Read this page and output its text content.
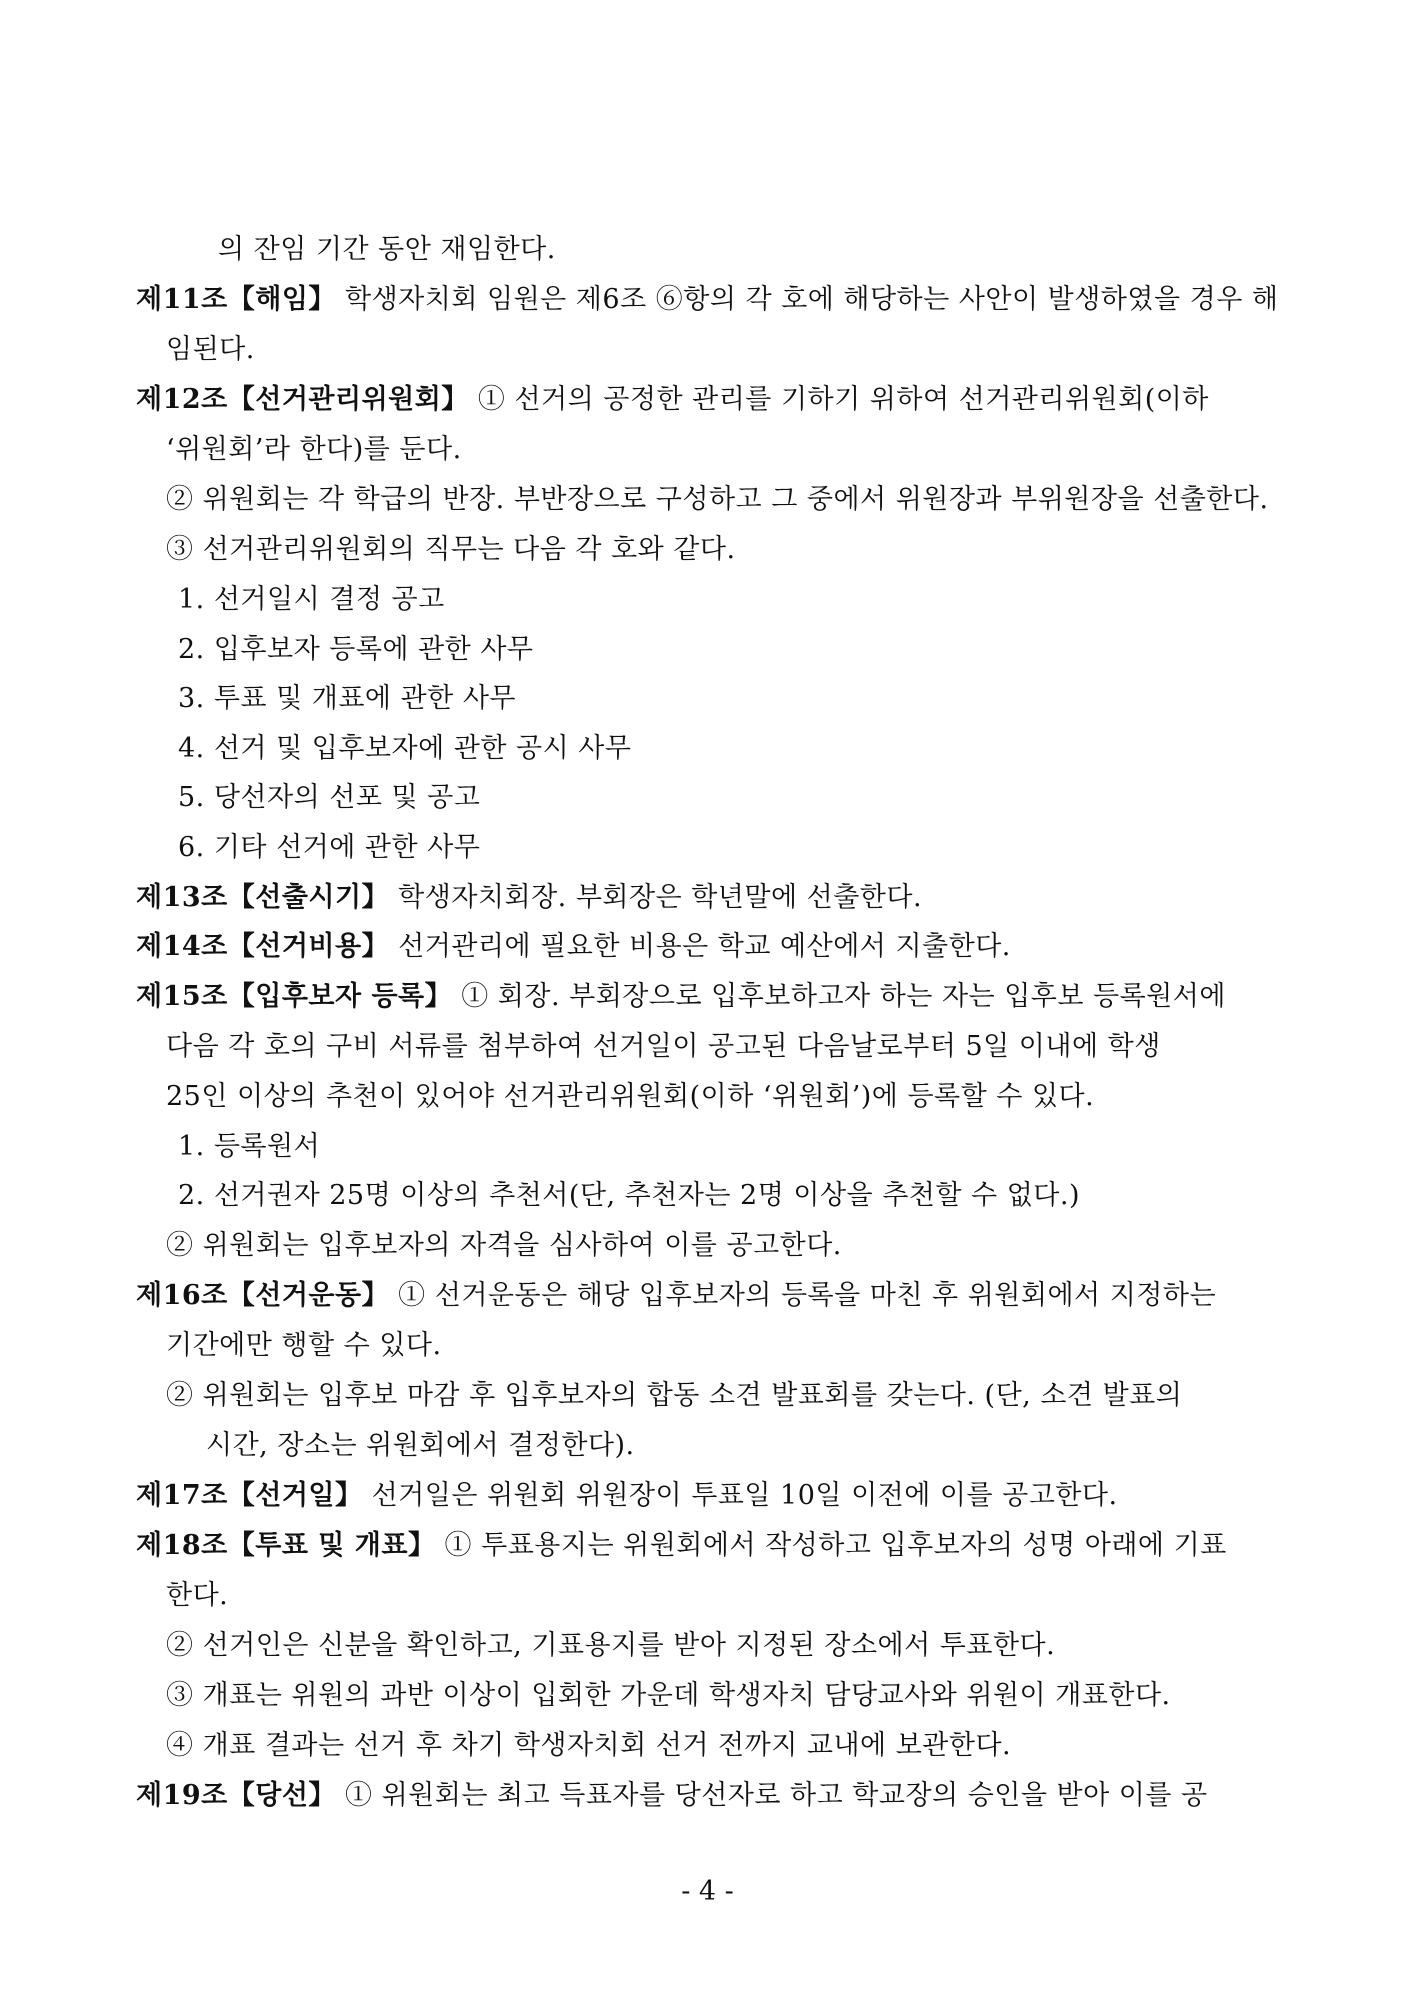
의 잔임 기간 동안 재임한다.
제11조【해임】 학생자치회 임원은 제6조 ⑥항의 각 호에 해당하는 사안이 발생하였을 경우 해
임된다.
제12조【선거관리위원회】 ① 선거의 공정한 관리를 기하기 위하여 선거관리위원회(이하
‘위원회’라 한다)를 둔다.
② 위원회는 각 학급의 반장. 부반장으로 구성하고 그 중에서 위원장과 부위원장을 선출한다.
③ 선거관리위원회의 직무는 다음 각 호와 같다.
1. 선거일시 결정 공고
2. 입후보자 등록에 관한 사무
3. 투표 및 개표에 관한 사무
4. 선거 및 입후보자에 관한 공시 사무
5. 당선자의 선포 및 공고
6. 기타 선거에 관한 사무
제13조【선출시기】 학생자치회장. 부회장은 학년말에 선출한다.
제14조【선거비용】 선거관리에 필요한 비용은 학교 예산에서 지출한다.
제15조【입후보자 등록】 ① 회장. 부회장으로 입후보하고자 하는 자는 입후보 등록원서에
다음 각 호의 구비 서류를 첨부하여 선거일이 공고된 다음날로부터 5일 이내에 학생
25인 이상의 추천이 있어야 선거관리위원회(이하 ‘위원회’)에 등록할 수 있다.
1. 등록원서
2. 선거권자 25명 이상의 추천서(단, 추천자는 2명 이상을 추천할 수 없다.)
② 위원회는 입후보자의 자격을 심사하여 이를 공고한다.
제16조【선거운동】 ① 선거운동은 해당 입후보자의 등록을 마친 후 위원회에서 지정하는
기간에만 행할 수 있다.
② 위원회는 입후보 마감 후 입후보자의 합동 소견 발표회를 갖는다. (단, 소견 발표의
시간, 장소는 위원회에서 결정한다).
제17조【선거일】 선거일은 위원회 위원장이 투표일 10일 이전에 이를 공고한다.
제18조【투표 및 개표】 ① 투표용지는 위원회에서 작성하고 입후보자의 성명 아래에 기표
한다.
② 선거인은 신분을 확인하고, 기표용지를 받아 지정된 장소에서 투표한다.
③ 개표는 위원의 과반 이상이 입회한 가운데 학생자치 담당교사와 위원이 개표한다.
④ 개표 결과는 선거 후 차기 학생자치회 선거 전까지 교내에 보관한다.
제19조【당선】 ① 위원회는 최고 득표자를 당선자로 하고 학교장의 승인을 받아 이를 공
- 4 -
